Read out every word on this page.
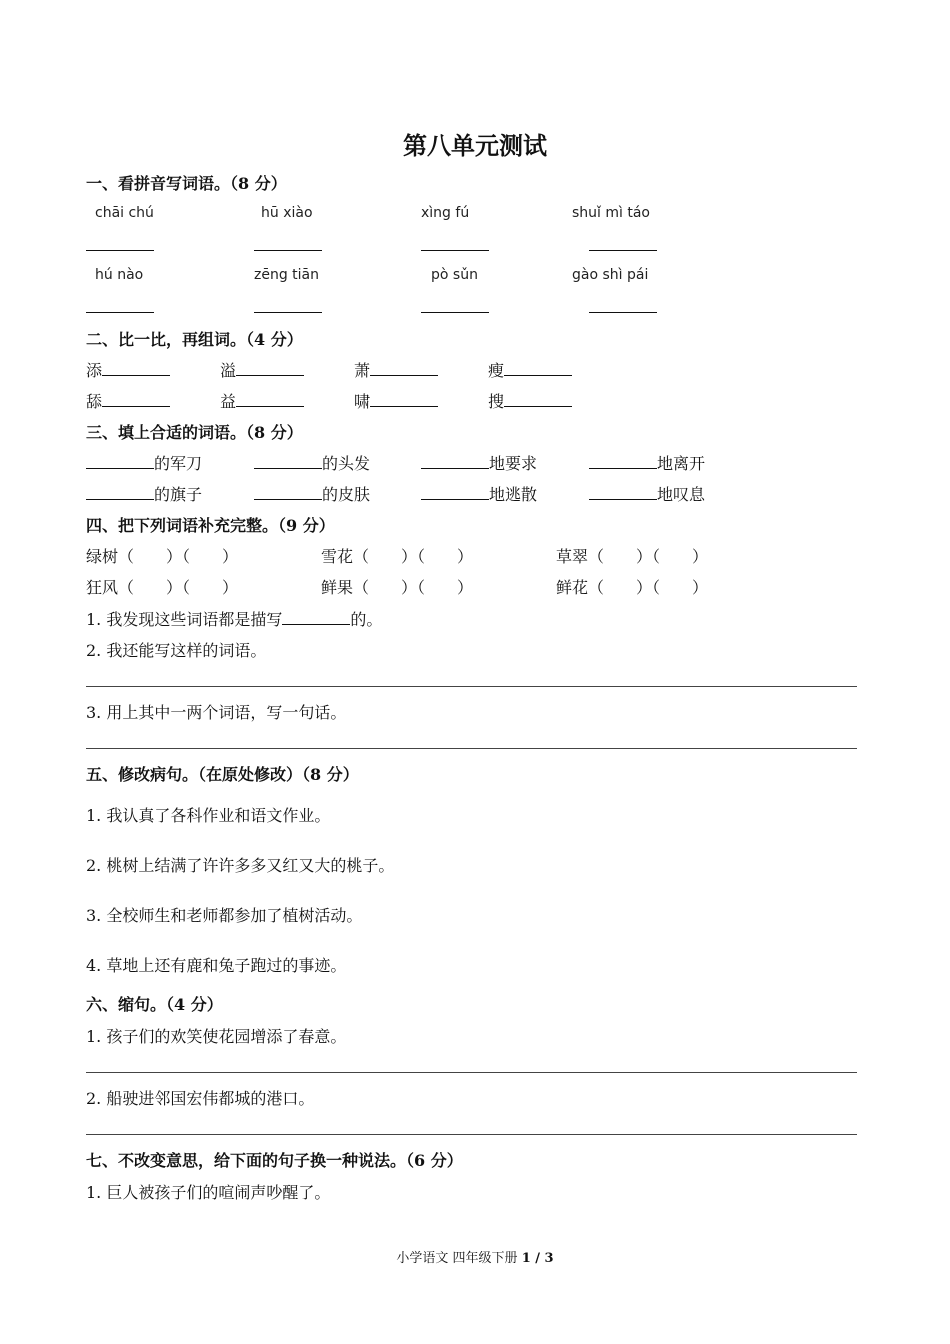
第八单元测试
一、看拼音写词语。（8 分）
chāi chú	hū xiào	xìng fú	shuǐ mì táo
hú nào	zēng tiān	pò sǔn	gào shì pái
二、比一比，再组词。（4 分）
添	溢	萧	瘦
舔	益	啸	搜
三、填上合适的词语。（8 分）
的军刀	的头发	地要求	地离开
的旗子	的皮肤	地逃散	地叹息
四、把下列词语补充完整。（9 分）
绿树（　　）（　　）	雪花（　　）（　　）	草翠（　　）（　　）
狂风（　　）（　　）	鲜果（　　）（　　）	鲜花（　　）（　　）
1. 我发现这些词语都是描写	的。
2. 我还能写这样的词语。
3. 用上其中一两个词语，写一句话。
五、修改病句。（在原处修改）（8 分）
1. 我认真了各科作业和语文作业。
2. 桃树上结满了许许多多又红又大的桃子。
3. 全校师生和老师都参加了植树活动。
4. 草地上还有鹿和兔子跑过的事迹。
六、缩句。（4 分）
1. 孩子们的欢笑使花园增添了春意。
2. 船驶进邻国宏伟都城的港口。
七、不改变意思，给下面的句子换一种说法。（6 分）
1. 巨人被孩子们的喧闹声吵醒了。
小学语文 四年级下册 1 / 3
